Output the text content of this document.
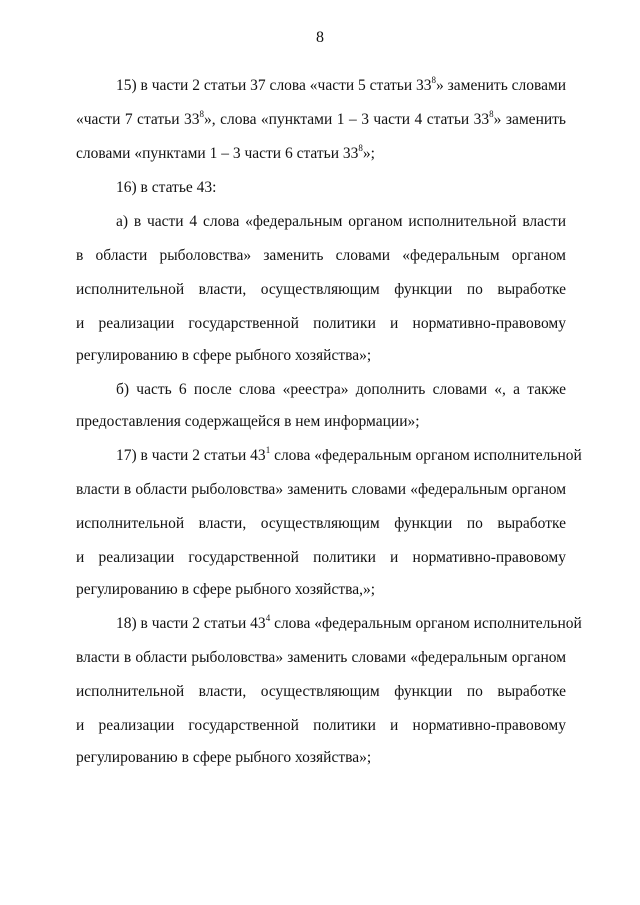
8
15) в части 2 статьи 37 слова «части 5 статьи $33^8$» заменить словами
«части 7 статьи $33^8$», слова «пунктами 1 – 3 части 4 статьи $33^8$» заменить
словами «пунктами 1 – 3 части 6 статьи $33^8$»;
16) в статье 43:
а) в части 4 слова «федеральным органом исполнительной власти
в области рыболовства» заменить словами «федеральным органом
исполнительной власти, осуществляющим функции по выработке
и реализации государственной политики и нормативно-правовому
регулированию в сфере рыбного хозяйства»;
б) часть 6 после слова «реестра» дополнить словами «, а также
предоставления содержащейся в нем информации»;
17) в части 2 статьи $43^1$ слова «федеральным органом исполнительной
власти в области рыболовства» заменить словами «федеральным органом
исполнительной власти, осуществляющим функции по выработке
и реализации государственной политики и нормативно-правовому
регулированию в сфере рыбного хозяйства,»;
18) в части 2 статьи $43^4$ слова «федеральным органом исполнительной
власти в области рыболовства» заменить словами «федеральным органом
исполнительной власти, осуществляющим функции по выработке
и реализации государственной политики и нормативно-правовому
регулированию в сфере рыбного хозяйства»;
